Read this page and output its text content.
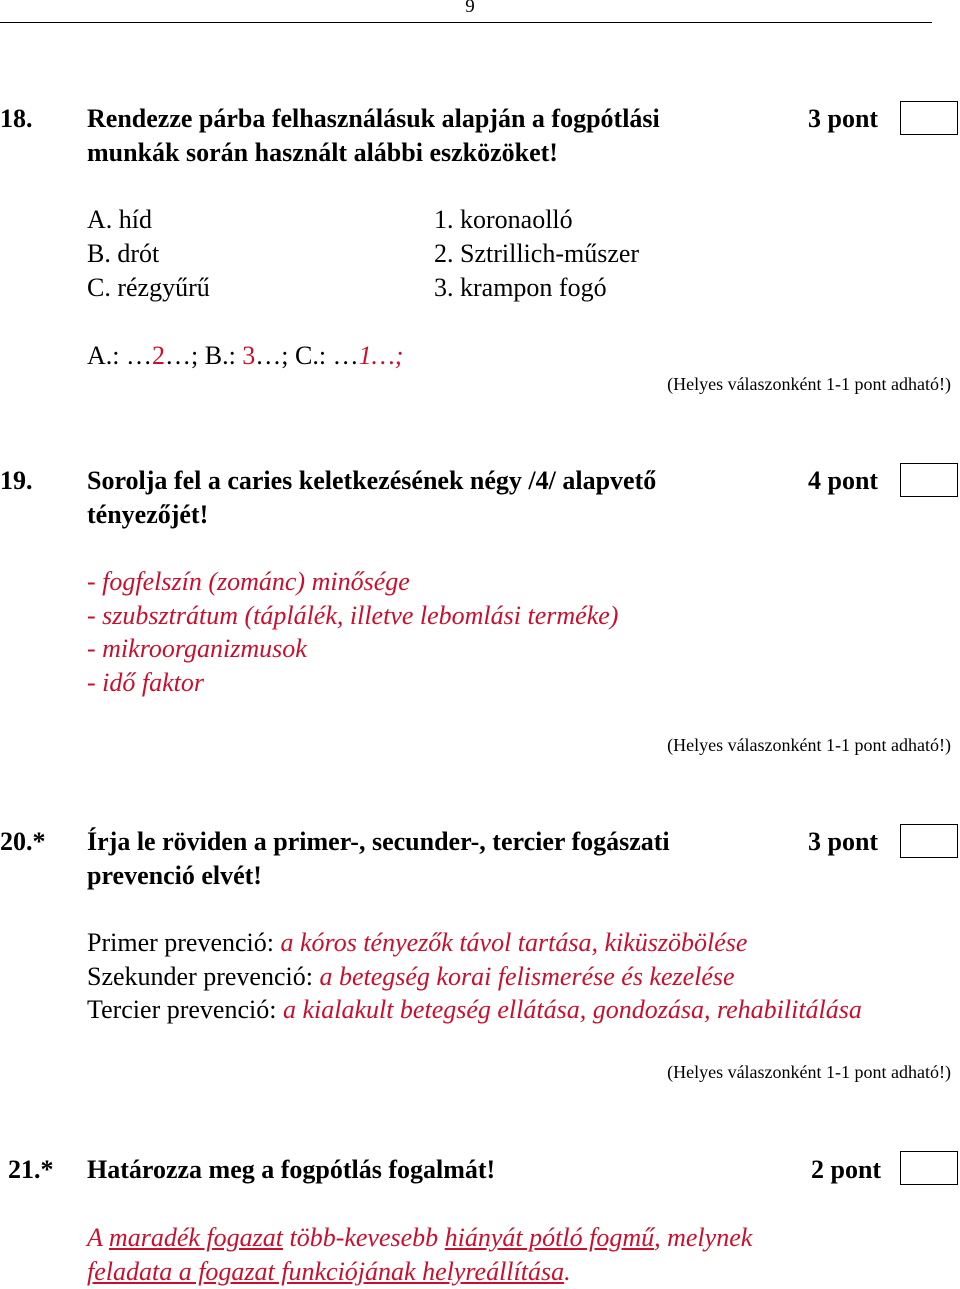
9
18. Rendezze párba felhasználásuk alapján a fogpótlási
munkák során használt alábbi eszközöket!
3 pont
A. híd
B. drót
C. rézgyűrű
1. koronaolló
2. Sztrillich-műszer
3. krampon fogó
A.: …2…; B.: 3…; C.: …1…;
(Helyes válaszonként 1-1 pont adható!)
19. Sorolja fel a caries keletkezésének négy /4/ alapvető
tényezőjét!
4 pont
- fogfelszín (zománc) minősége
- szubsztrátum (táplálék, illetve lebomlási terméke)
- mikroorganizmusok
- idő faktor
(Helyes válaszonként 1-1 pont adható!)
20.* Írja le röviden a primer-, secunder-, tercier fogászati
prevenció elvét!
3 pont
Primer prevenció: a kóros tényezők távol tartása, kiküszöbölése
Szekunder prevenció: a betegség korai felismerése és kezelése
Tercier prevenció: a kialakult betegség ellátása, gondozása, rehabilitálása
(Helyes válaszonként 1-1 pont adható!)
21.* Határozza meg a fogpótlás fogalmát!	2 pont
A maradék fogazat több-kevesebb hiányát pótló fogmű, melynek
feladata a fogazat funkciójának helyreállítása.
